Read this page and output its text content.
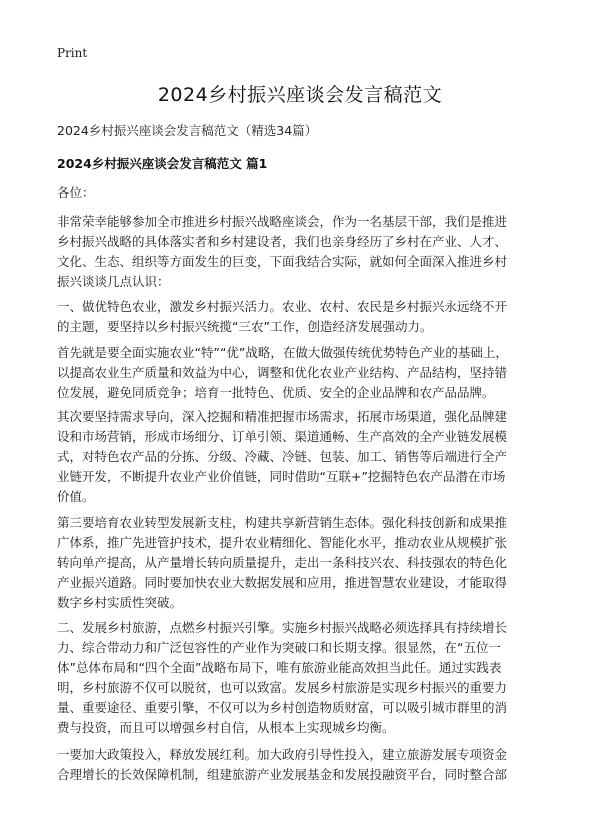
Print
2024乡村振兴座谈会发言稿范文
2024乡村振兴座谈会发言稿范文（精选34篇）
2024乡村振兴座谈会发言稿范文 篇1
各位：

非常荣幸能够参加全市推进乡村振兴战略座谈会，作为一名基层干部，我们是推进
乡村振兴战略的具体落实者和乡村建设者，我们也亲身经历了乡村在产业、人才、
文化、生态、组织等方面发生的巨变，下面我结合实际，就如何全面深入推进乡村
振兴谈谈几点认识：

一、做优特色农业，激发乡村振兴活力。农业、农村、农民是乡村振兴永远绕不开
的主题，要坚持以乡村振兴统揽“三农”工作，创造经济发展强动力。

首先就是要全面实施农业“特”“优”战略，在做大做强传统优势特色产业的基础上，
以提高农业生产质量和效益为中心，调整和优化农业产业结构、产品结构，坚持错
位发展，避免同质竞争；培育一批特色、优质、安全的企业品牌和农产品品牌。

其次要坚持需求导向，深入挖掘和精准把握市场需求，拓展市场渠道，强化品牌建
设和市场营销，形成市场细分、订单引领、渠道通畅、生产高效的全产业链发展模
式，对特色农产品的分拣、分级、冷藏、冷链、包装、加工、销售等后端进行全产
业链开发，不断提升农业产业价值链，同时借助“互联+”挖掘特色农产品潜在市场
价值。

第三要培育农业转型发展新支柱，构建共享新营销生态体。强化科技创新和成果推
广体系，推广先进管护技术，提升农业精细化、智能化水平，推动农业从规模扩张
转向单产提高，从产量增长转向质量提升，走出一条科技兴农、科技强农的特色化
产业振兴道路。同时要加快农业大数据发展和应用，推进智慧农业建设，才能取得
数字乡村实质性突破。

二、发展乡村旅游，点燃乡村振兴引擎。实施乡村振兴战略必须选择具有持续增长
力、综合带动力和广泛包容性的产业作为突破口和长期支撑。很显然，在“五位一
体”总体布局和“四个全面”战略布局下，唯有旅游业能高效担当此任。通过实践表
明，乡村旅游不仅可以脱贫，也可以致富。发展乡村旅游是实现乡村振兴的重要力
量、重要途径、重要引擎，不仅可以为乡村创造物质财富，可以吸引城市群里的消
费与投资，而且可以增强乡村自信，从根本上实现城乡均衡。

一要加大政策投入，释放发展红利。加大政府引导性投入，建立旅游发展专项资金
合理增长的长效保障机制，组建旅游产业发展基金和发展投融资平台，同时整合部
